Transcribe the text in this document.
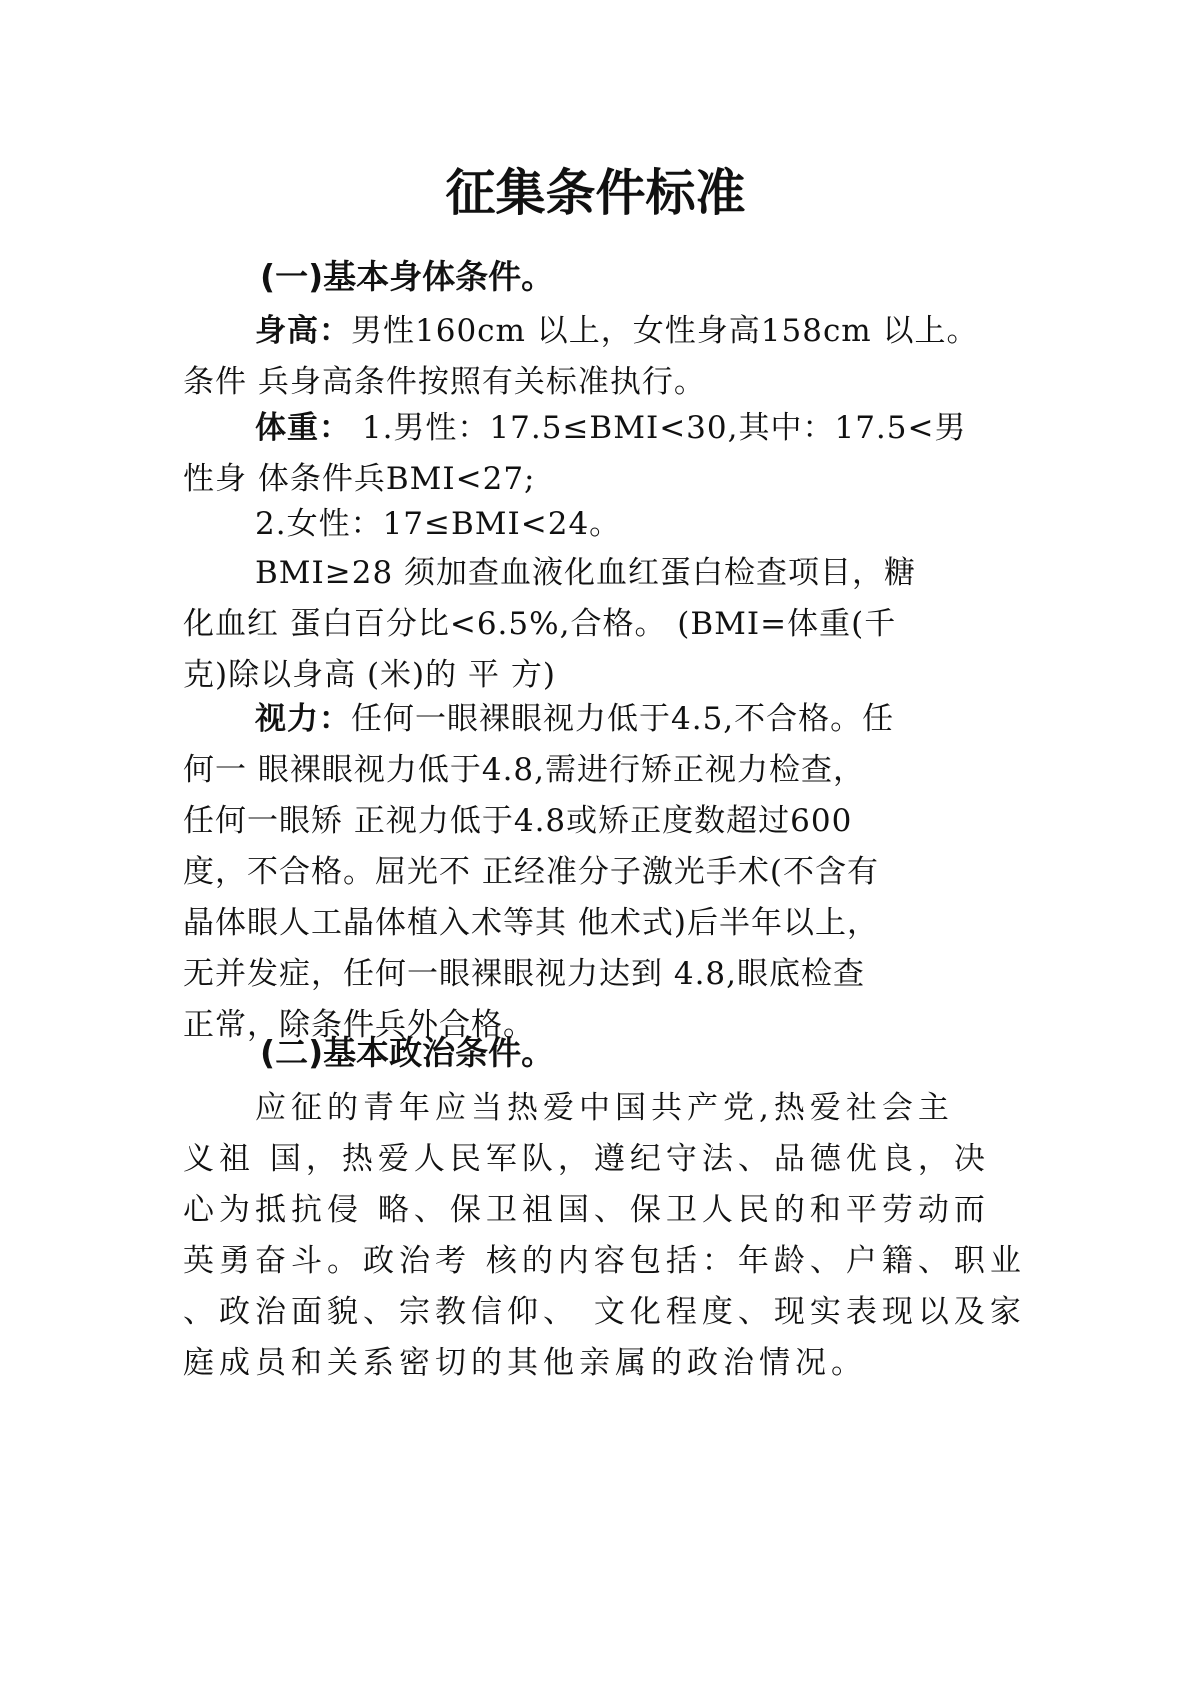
征集条件标准
(一)基本身体条件。

身高：男性160cm 以上，女性身高158cm 以上。
条件 兵身高条件按照有关标准执行。

体重： 1.男性：17.5≤BMI<30,其中：17.5<男
性身 体条件兵BMI<27;

2.女性：17≤BMI<24。

BMI≥28 须加查血液化血红蛋白检查项目，糖
化血红 蛋白百分比<6.5%,合格。 (BMI=体重(千
克)除以身高 (米)的 平 方)

视力：任何一眼裸眼视力低于4.5,不合格。任
何一 眼裸眼视力低于4.8,需进行矫正视力检查，
任何一眼矫 正视力低于4.8或矫正度数超过600
度，不合格。屈光不 正经准分子激光手术(不含有
晶体眼人工晶体植入术等其 他术式)后半年以上，
无并发症，任何一眼裸眼视力达到 4.8,眼底检查
正常，除条件兵外合格。

(二)基本政治条件。

应征的青年应当热爱中国共产党,热爱社会主
义祖 国，热爱人民军队，遵纪守法、品德优良，决
心为抵抗侵 略、保卫祖国、保卫人民的和平劳动而
英勇奋斗。政治考 核的内容包括：年龄、户籍、职业
、政治面貌、宗教信仰、 文化程度、现实表现以及家
庭成员和关系密切的其他亲属的政治情况。
